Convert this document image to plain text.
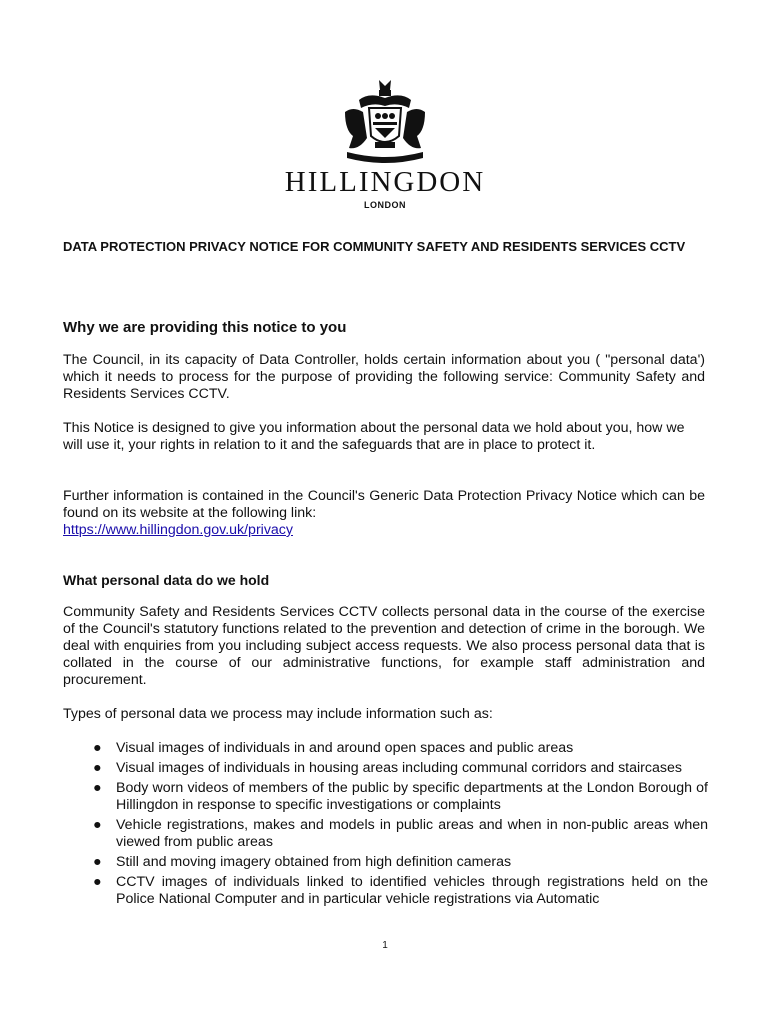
HILLINGDON
LONDON
DATA PROTECTION PRIVACY NOTICE FOR COMMUNITY SAFETY AND RESIDENTS SERVICES CCTV
Why we are providing this notice to you
The Council, in its capacity of Data Controller, holds certain information about you ( "personal data') which it needs to process for the purpose of providing the following service: Community Safety and Residents Services CCTV.
This Notice is designed to give you information about the personal data we hold about you, how we will use it, your rights in relation to it and the safeguards that are in place to protect it.
Further information is contained in the Council's Generic Data Protection Privacy Notice which can be found on its website at the following link:
https://www.hillingdon.gov.uk/privacy
What personal data do we hold
Community Safety and Residents Services CCTV collects personal data in the course of the exercise of the Council's statutory functions related to the prevention and detection of crime in the borough. We deal with enquiries from you including subject access requests. We also process personal data that is collated in the course of our administrative functions, for example staff administration and procurement.
Types of personal data we process may include information such as:
● Visual images of individuals in and around open spaces and public areas
● Visual images of individuals in housing areas including communal corridors and staircases
● Body worn videos of members of the public by specific departments at the London Borough of Hillingdon in response to specific investigations or complaints
● Vehicle registrations, makes and models in public areas and when in non-public areas when viewed from public areas
● Still and moving imagery obtained from high definition cameras
● CCTV images of individuals linked to identified vehicles through registrations held on the Police National Computer and in particular vehicle registrations via Automatic
1
